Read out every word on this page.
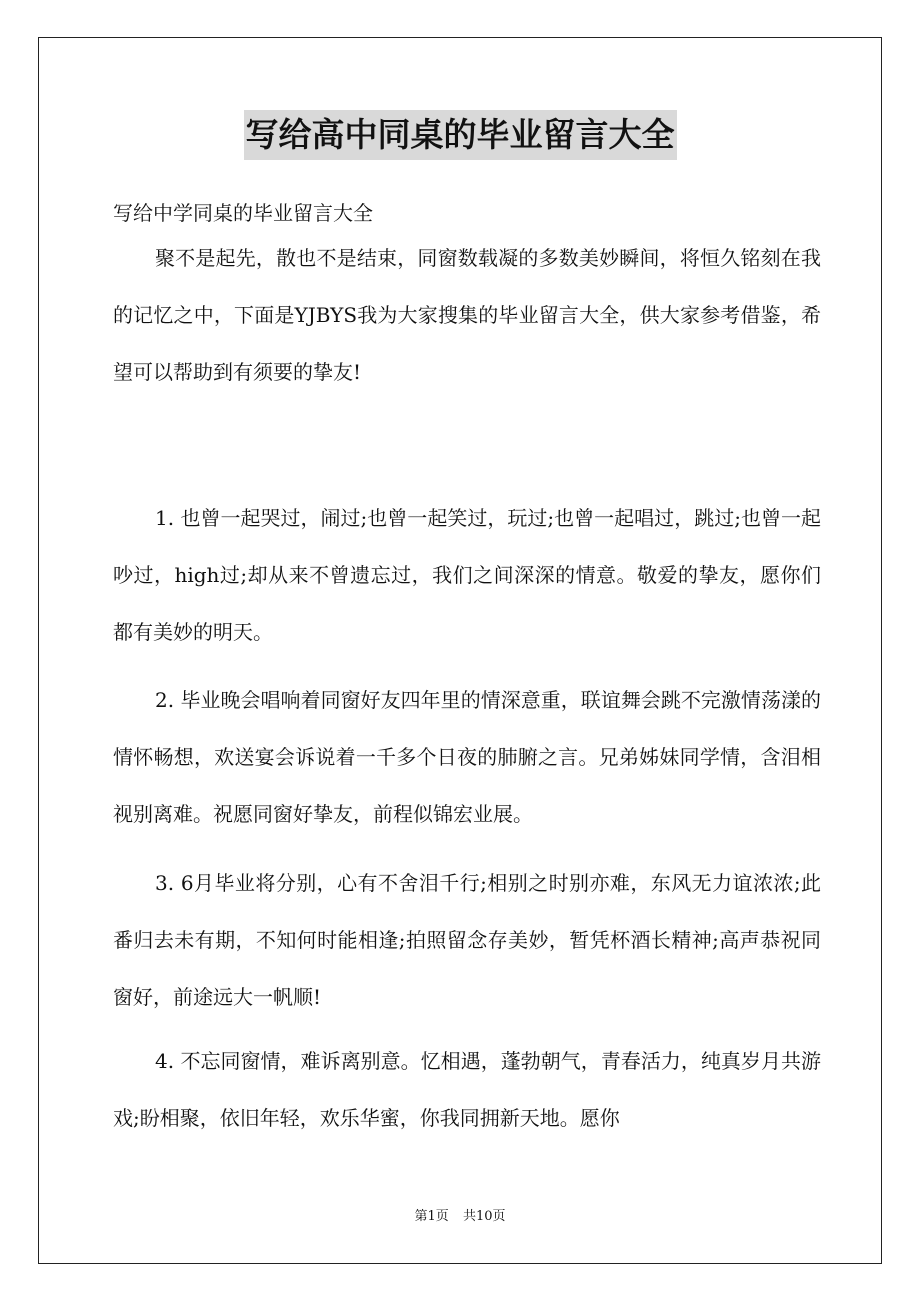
写给高中同桌的毕业留言大全
写给中学同桌的毕业留言大全

聚不是起先，散也不是结束，同窗数载凝的多数美妙瞬间，将恒久铭刻在我的记忆之中，下面是YJBYS我为大家搜集的毕业留言大全，供大家参考借鉴，希望可以帮助到有须要的挚友!

1. 也曾一起哭过，闹过;也曾一起笑过，玩过;也曾一起唱过，跳过;也曾一起吵过，high过;却从来不曾遗忘过，我们之间深深的情意。敬爱的挚友，愿你们都有美妙的明天。

2. 毕业晚会唱响着同窗好友四年里的情深意重，联谊舞会跳不完激情荡漾的情怀畅想，欢送宴会诉说着一千多个日夜的肺腑之言。兄弟姊妹同学情，含泪相视别离难。祝愿同窗好挚友，前程似锦宏业展。

3. 6月毕业将分别，心有不舍泪千行;相别之时别亦难，东风无力谊浓浓;此番归去未有期，不知何时能相逢;拍照留念存美妙，暂凭杯酒长精神;高声恭祝同窗好，前途远大一帆顺!

4. 不忘同窗情，难诉离别意。忆相遇，蓬勃朝气，青春活力，纯真岁月共游戏;盼相聚，依旧年轻，欢乐华蜜，你我同拥新天地。愿你

第1页 共10页
